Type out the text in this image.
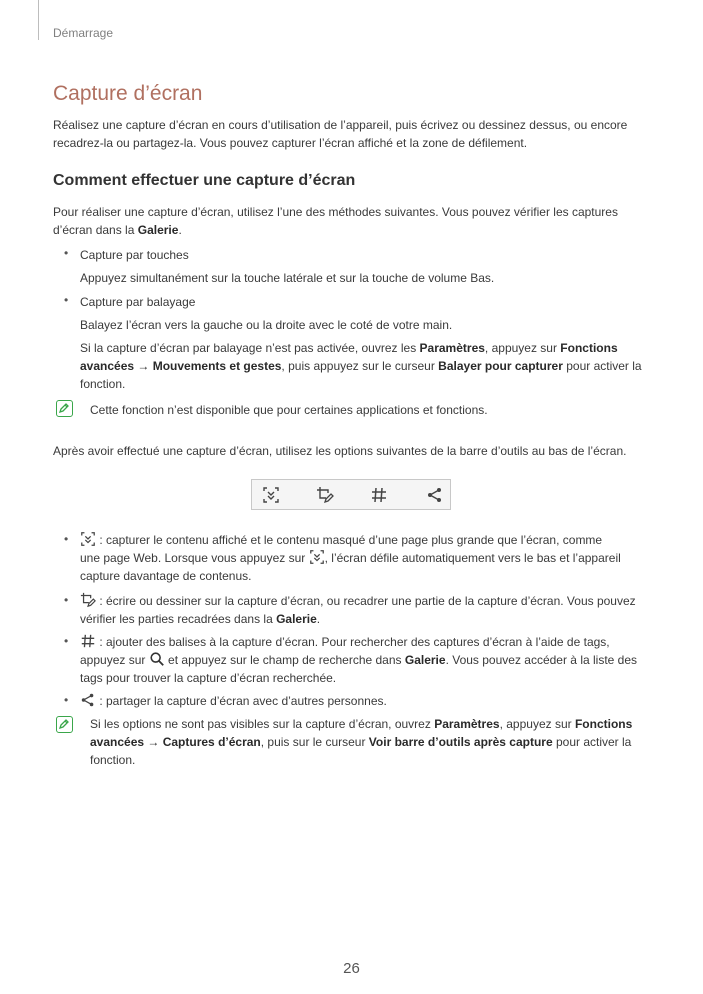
Démarrage
Capture d’écran
Réalisez une capture d’écran en cours d’utilisation de l’appareil, puis écrivez ou dessinez dessus, ou encore
recadrez-la ou partagez-la. Vous pouvez capturer l’écran affiché et la zone de défilement.
Comment effectuer une capture d’écran
Pour réaliser une capture d’écran, utilisez l’une des méthodes suivantes. Vous pouvez vérifier les captures
d’écran dans la Galerie.
• Capture par touches
Appuyez simultanément sur la touche latérale et sur la touche de volume Bas.
• Capture par balayage
Balayez l’écran vers la gauche ou la droite avec le coté de votre main.
Si la capture d’écran par balayage n’est pas activée, ouvrez les Paramètres, appuyez sur Fonctions
avancées → Mouvements et gestes, puis appuyez sur le curseur Balayer pour capturer pour activer la
fonction.
Cette fonction n’est disponible que pour certaines applications et fonctions.
Après avoir effectué une capture d’écran, utilisez les options suivantes de la barre d’outils au bas de l’écran.
•	: capturer le contenu affiché et le contenu masqué d’une page plus grande que l’écran, comme
une page Web. Lorsque vous appuyez sur , l’écran défile automatiquement vers le bas et l’appareil
capture davantage de contenus.
•	: écrire ou dessiner sur la capture d’écran, ou recadrer une partie de la capture d’écran. Vous pouvez
vérifier les parties recadrées dans la Galerie.
•	: ajouter des balises à la capture d’écran. Pour rechercher des captures d’écran à l’aide de tags,
appuyez sur  et appuyez sur le champ de recherche dans Galerie. Vous pouvez accéder à la liste des
tags pour trouver la capture d’écran recherchée.
•	: partager la capture d’écran avec d’autres personnes.
Si les options ne sont pas visibles sur la capture d’écran, ouvrez Paramètres, appuyez sur Fonctions
avancées → Captures d’écran, puis sur le curseur Voir barre d’outils après capture pour activer la
fonction.
26
